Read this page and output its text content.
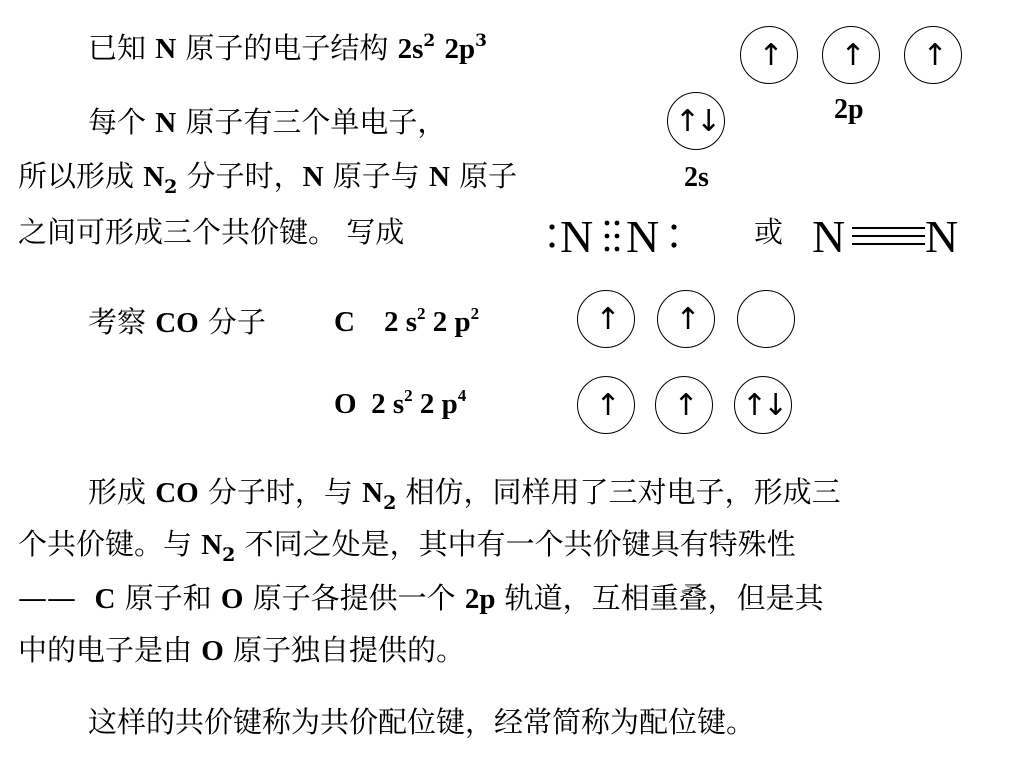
已知 N 原子的电子结构 $2s^2$ $2p^3$	↑	↑	↑
2p
↑↓
2s
每个 N 原子有三个单电子，
所以形成 $N_2$ 分子时，N 原子与 N 原子
之间可形成三个共价键。 写成	N N	或 N N
考察 CO 分子 C 2 $s^2$ 2 $p^2$	↑	↑
O 2 $s^2$ 2 $p^4$	↑	↑	↑↓
形成 CO 分子时，与 $N_2$ 相仿，同样用了三对电子，形成三
个共价键。与 $N_2$ 不同之处是，其中有一个共价键具有特殊性
—— C 原子和 O 原子各提供一个 2p 轨道，互相重叠，但是其
中的电子是由 O 原子独自提供的。
这样的共价键称为共价配位键，经常简称为配位键。
